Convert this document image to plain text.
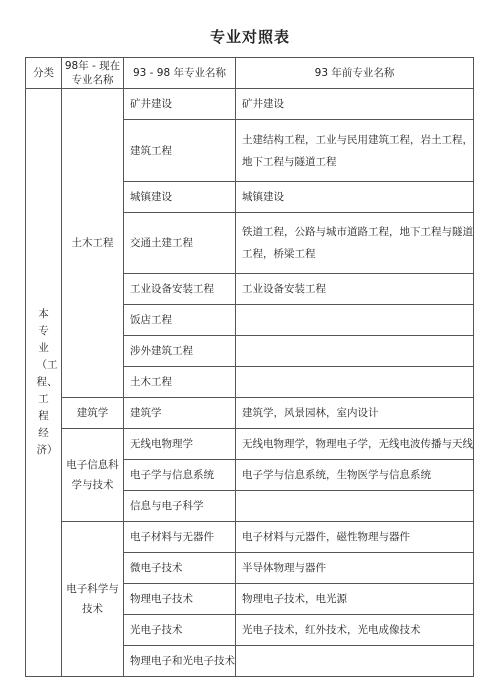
专业对照表
分类	98年 - 现在专业名称	93 - 98 年专业名称	93 年前专业名称
本专业（工程、工程经济）	土木工程	矿井建设	矿井建设
		建筑工程	土建结构工程，工业与民用建筑工程，岩土工程，地下工程与隧道工程
		城镇建设	城镇建设
		交通土建工程	铁道工程，公路与城市道路工程，地下工程与隧道工程，桥梁工程
		工业设备安装工程	工业设备安装工程
		饭店工程	
		涉外建筑工程	
		土木工程	
	建筑学	建筑学	建筑学，风景园林，室内设计
	电子信息科学与技术	无线电物理学	无线电物理学，物理电子学，无线电波传播与天线
		电子学与信息系统	电子学与信息系统，生物医学与信息系统
		信息与电子科学	
	电子科学与技术	电子材料与无器件	电子材料与元器件，磁性物理与器件
		微电子技术	半导体物理与器件
		物理电子技术	物理电子技术，电光源
		光电子技术	光电子技术，红外技术，光电成像技术
		物理电子和光电子技术	
